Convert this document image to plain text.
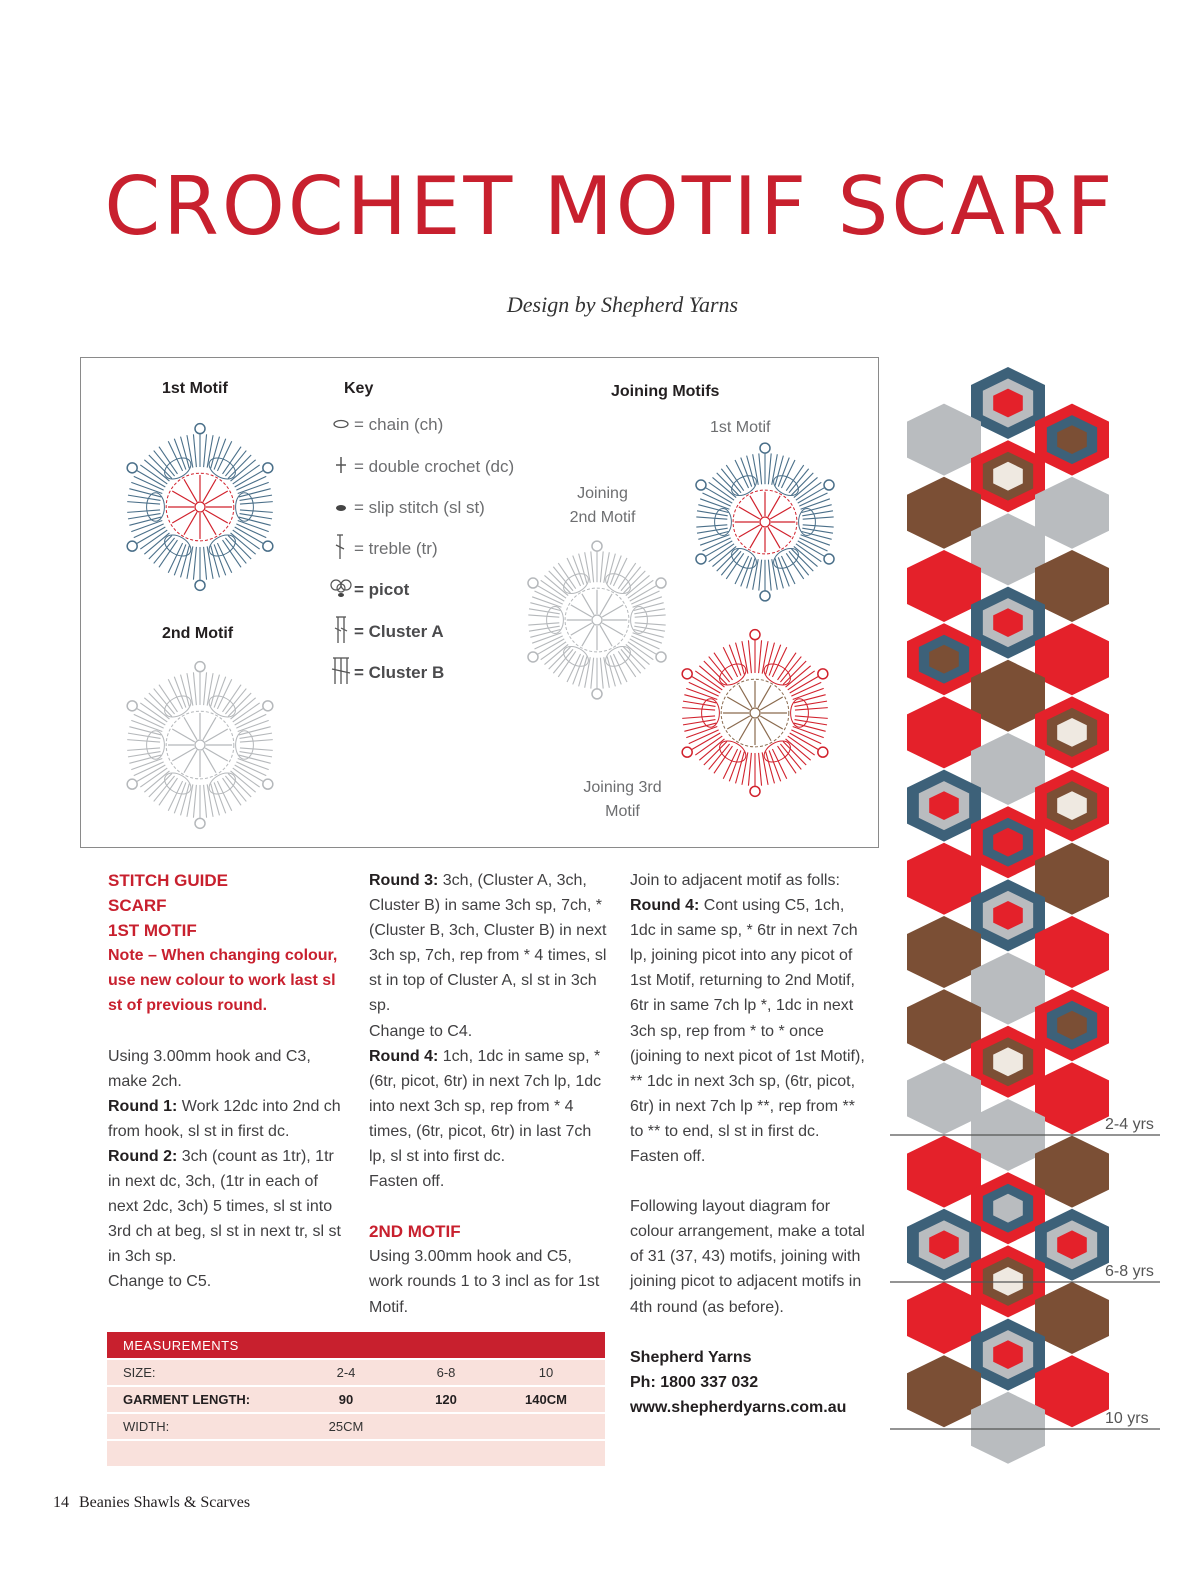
CROCHET MOTIF SCARF
Design by Shepherd Yarns
1st Motif
2nd Motif
Key	Joining Motifs
1st Motif
Joining
2nd Motif
Joining 3rd
Motif
= chain (ch)
= double crochet (dc)
= slip stitch (sl st)
= treble (tr)
= picot
= Cluster A
= Cluster B

STITCH GUIDE

SCARF

1ST MOTIF

Note – When changing colour, use new colour to work last sl st of previous round.

Using 3.00mm hook and C3, make 2ch.

Round 1: Work 12dc into 2nd ch from hook, sl st in first dc.

Round 2: 3ch (count as 1tr), 1tr in next dc, 3ch, (1tr in each of next 2dc, 3ch) 5 times, sl st into 3rd ch at beg, sl st in next tr, sl st in 3ch sp.

Change to C5.

Round 3: 3ch, (Cluster A, 3ch, Cluster B) in same 3ch sp, 7ch, * (Cluster B, 3ch, Cluster B) in next 3ch sp, 7ch, rep from * 4 times, sl st in top of Cluster A, sl st in 3ch sp.

Change to C4.

Round 4: 1ch, 1dc in same sp, * (6tr, picot, 6tr) in next 7ch lp, 1dc into next 3ch sp, rep from * 4 times, (6tr, picot, 6tr) in last 7ch lp, sl st into first dc.

Fasten off.

2ND MOTIF

Using 3.00mm hook and C5, work rounds 1 to 3 incl as for 1st Motif.

Join to adjacent motif as folls:

Round 4: Cont using C5, 1ch, 1dc in same sp, * 6tr in next 7ch lp, joining picot into any picot of 1st Motif, returning to 2nd Motif, 6tr in same 7ch lp *, 1dc in next 3ch sp, rep from * to * once (joining to next picot of 1st Motif), ** 1dc in next 3ch sp, (6tr, picot, 6tr) in next 7ch lp **, rep from ** to ** to end, sl st in first dc.

Fasten off.

Following layout diagram for colour arrangement, make a total of 31 (37, 43) motifs, joining with joining picot to adjacent motifs in 4th round (as before).

Shepherd Yarns

Ph: 1800 337 032

www.shepherdyarns.com.au

MEASUREMENTS
SIZE:	2-4	6-8	10
GARMENT LENGTH:	90	120	140CM
WIDTH:	25CM
2-4 yrs
6-8 yrs
10 yrs
14 Beanies Shawls & Scarves
